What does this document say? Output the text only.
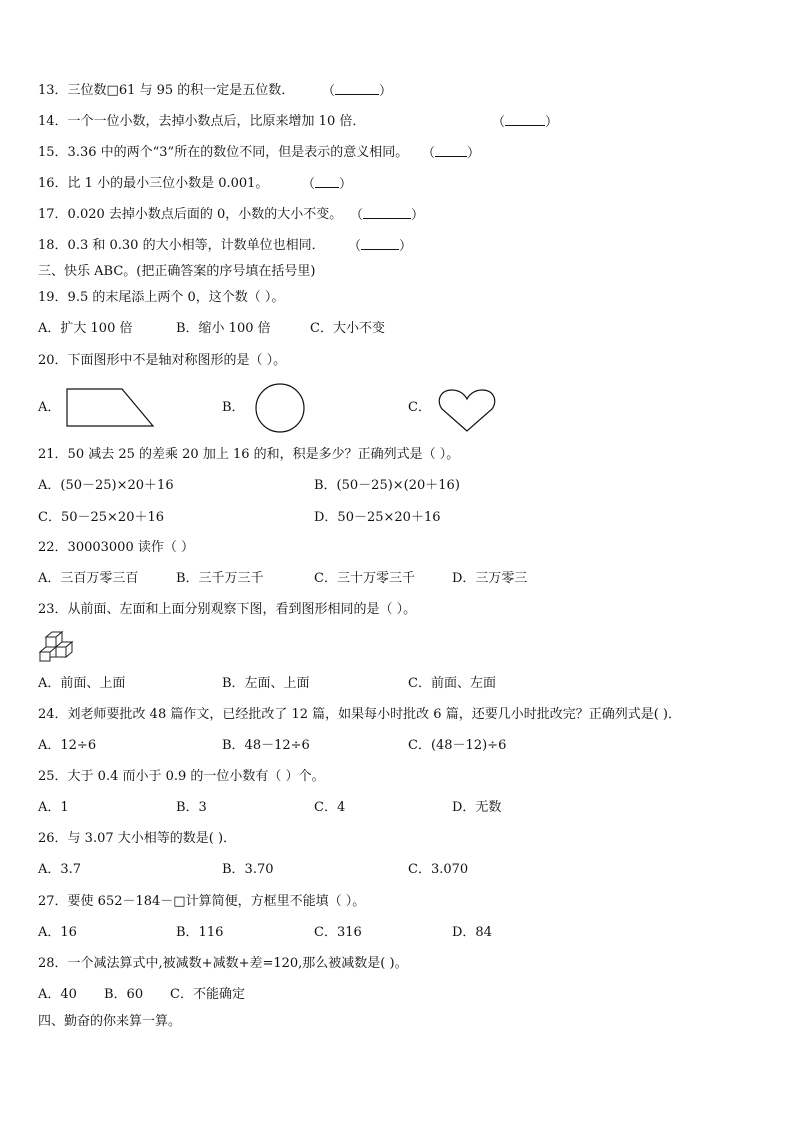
13．三位数□61 与 95 的积一定是五位数． （	）
14．一个一位小数，去掉小数点后，比原来增加 10 倍．	（	）
15．3.36 中的两个“3”所在的数位不同，但是表示的意义相同。 （ ）
16．比 1 小的最小三位小数是 0.001。	（ ）
17．0.020 去掉小数点后面的 0，小数的大小不变。 （	）
18．0.3 和 0.30 的大小相等，计数单位也相同． （	）
三、快乐 ABC。(把正确答案的序号填在括号里)
19．9.5 的末尾添上两个 0，这个数（ ）。
A．扩大 100 倍	B．缩小 100 倍	C．大小不变
20．下面图形中不是轴对称图形的是（ ）。
A．	B．	C．
21．50 减去 25 的差乘 20 加上 16 的和，积是多少？正确列式是（ ）。
A．(50－25)×20＋16	B．(50－25)×(20＋16)
C．50－25×20＋16	D．50－25×20＋16
22．30003000 读作（ ）
A．三百万零三百	B．三千万三千	C．三十万零三千	D．三万零三
23．从前面、左面和上面分别观察下图，看到图形相同的是（ ）。
A．前面、上面	B．左面、上面	C．前面、左面
24．刘老师要批改 48 篇作文，已经批改了 12 篇，如果每小时批改 6 篇，还要几小时批改完？正确列式是( )．
A．12÷6	B．48－12÷6	C．(48－12)÷6
25．大于 0.4 而小于 0.9 的一位小数有（ ）个。
A．1	B．3	C．4	D．无数
26．与 3.07 大小相等的数是( )．
A．3.7	B．3.70	C．3.070
27．要使 652－184－□计算简便，方框里不能填（ ）。
A．16	B．116	C．316	D．84
28．一个减法算式中,被减数+减数+差=120,那么被减数是( )。
A．40 B．60 C．不能确定
四、勤奋的你来算一算。
